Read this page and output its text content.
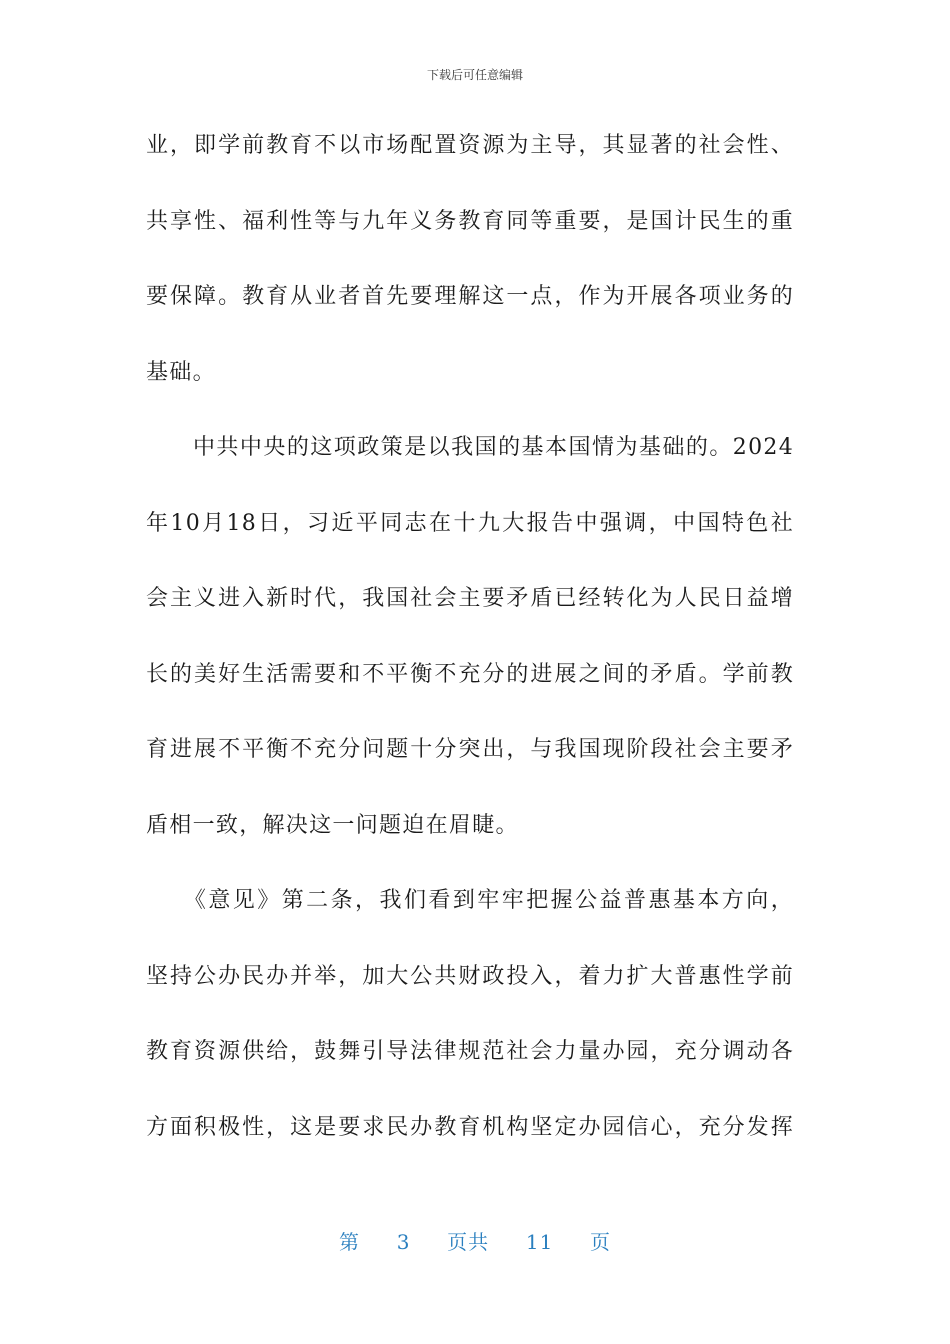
下载后可任意编辑
业，即学前教育不以市场配置资源为主导，其显著的社会性、
共享性、福利性等与九年义务教育同等重要，是国计民生的重
要保障。教育从业者首先要理解这一点，作为开展各项业务的
基础。
　　中共中央的这项政策是以我国的基本国情为基础的。2024
年10月18日，习近平同志在十九大报告中强调，中国特色社
会主义进入新时代，我国社会主要矛盾已经转化为人民日益增
长的美好生活需要和不平衡不充分的进展之间的矛盾。学前教
育进展不平衡不充分问题十分突出，与我国现阶段社会主要矛
盾相一致，解决这一问题迫在眉睫。
　　《意见》第二条，我们看到牢牢把握公益普惠基本方向，
坚持公办民办并举，加大公共财政投入，着力扩大普惠性学前
教育资源供给，鼓舞引导法律规范社会力量办园，充分调动各
方面积极性，这是要求民办教育机构坚定办园信心，充分发挥
第 3 页共 11 页
